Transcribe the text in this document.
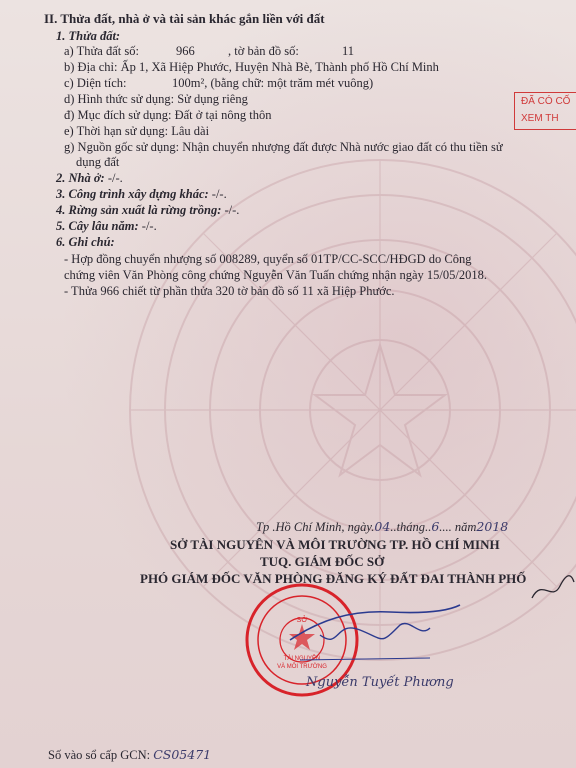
II. Thửa đất, nhà ở và tài sản khác gắn liền với đất
1. Thửa đất:
a) Thửa đất số:	966	, tờ bản đồ số:	11
b) Địa chỉ: Ấp 1, Xã Hiệp Phước, Huyện Nhà Bè, Thành phố Hồ Chí Minh
c) Diện tích:	100m², (bằng chữ: một trăm mét vuông)
d) Hình thức sử dụng: Sử dụng riêng
đ) Mục đích sử dụng: Đất ở tại nông thôn
e) Thời hạn sử dụng: Lâu dài
g) Nguồn gốc sử dụng: Nhận chuyển nhượng đất được Nhà nước giao đất có thu tiền sử
dụng đất
2. Nhà ở: -/-.
3. Công trình xây dựng khác: -/-.
4. Rừng sản xuất là rừng trồng: -/-.
5. Cây lâu năm: -/-.
6. Ghi chú:
- Hợp đồng chuyển nhượng số 008289, quyển số 01TP/CC-SCC/HĐGD do Công
chứng viên Văn Phòng công chứng Nguyễn Văn Tuấn chứng nhận ngày 15/05/2018.
- Thửa 966 chiết từ phần thửa 320 tờ bản đồ số 11 xã Hiệp Phước.
ĐÃ CÓ CỐ
XEM TH
Tp .Hồ Chí Minh, ngày.04..tháng..6.... năm2018
SỞ TÀI NGUYÊN VÀ MÔI TRƯỜNG TP. HỒ CHÍ MINH
TUQ. GIÁM ĐỐC SỞ
PHÓ GIÁM ĐỐC VĂN PHÒNG ĐĂNG KÝ ĐẤT ĐAI THÀNH PHỐ
SỞ
TÀI NGUYÊN
VÀ MÔI TRƯỜNG
Nguyễn Tuyết Phương
Số vào sổ cấp GCN: CS05471
